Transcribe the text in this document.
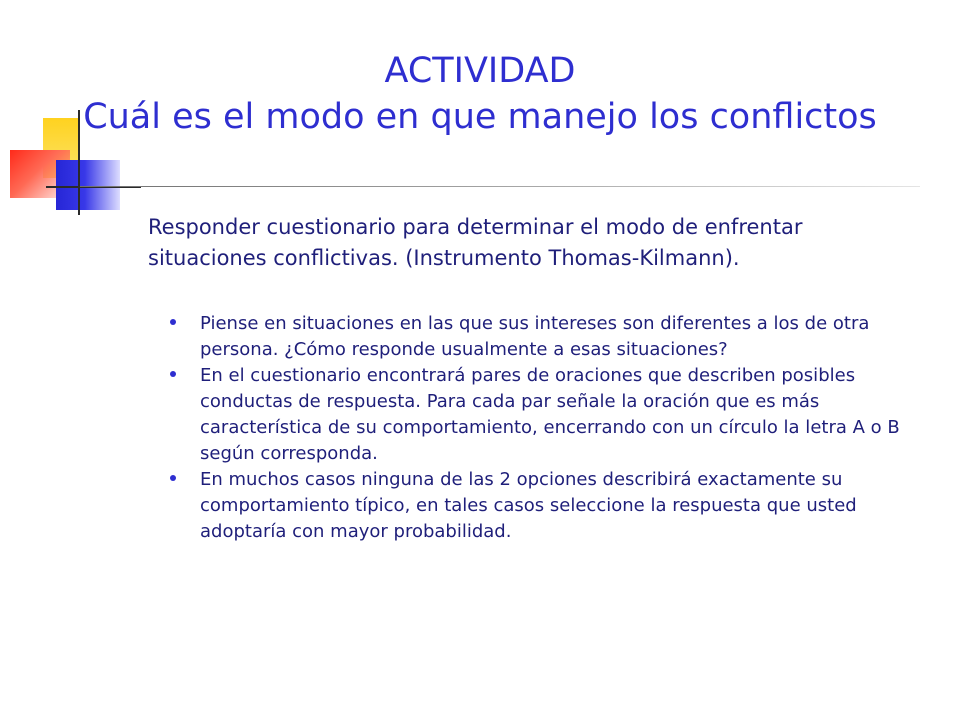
ACTIVIDAD
Cuál es el modo en que manejo los conflictos

Responder cuestionario para determinar el modo de enfrentar situaciones conflictivas. (Instrumento Thomas-Kilmann).

Piense en situaciones en las que sus intereses son diferentes a los de otra persona. ¿Cómo responde usualmente a esas situaciones?
En el cuestionario encontrará pares de oraciones que describen posibles conductas de respuesta. Para cada par señale la oración que es más característica de su comportamiento, encerrando con un círculo la letra A o B según corresponda.
En muchos casos ninguna de las 2 opciones describirá exactamente su comportamiento típico, en tales casos seleccione la respuesta que usted adoptaría con mayor probabilidad.
